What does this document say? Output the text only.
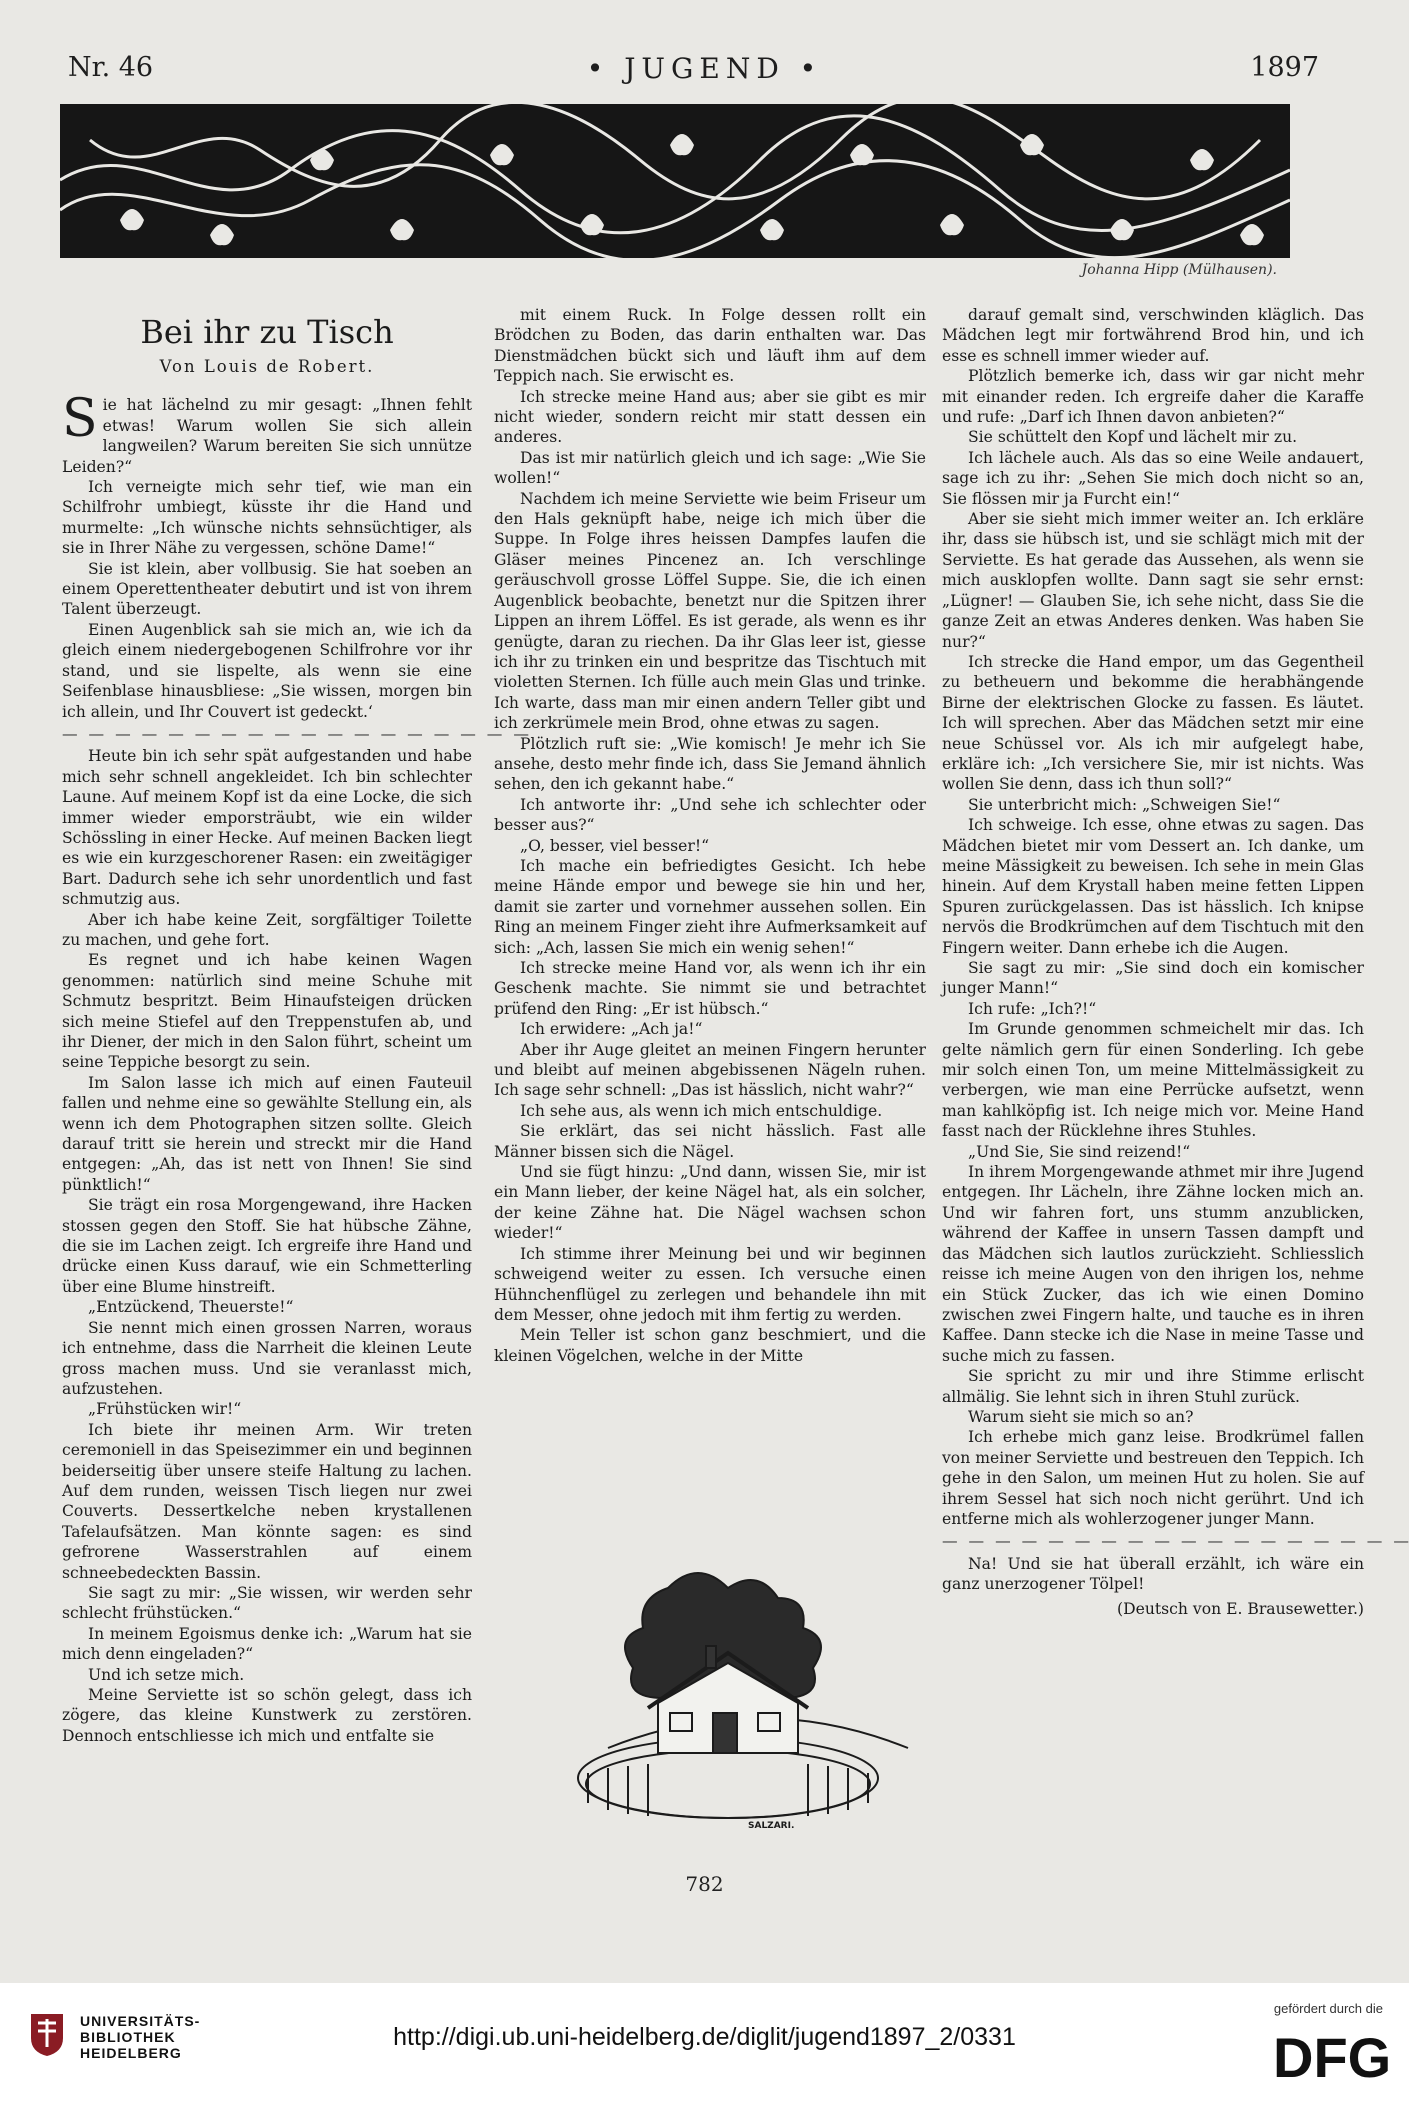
Nr. 46	• JUGEND •	1897
Johanna Hipp (Mülhausen).
Bei ihr zu Tisch
Von Louis de Robert.

Sie hat lächelnd zu mir gesagt: „Ihnen fehlt etwas! Warum wollen Sie sich allein langweilen? Warum bereiten Sie sich unnütze Leiden?“

Ich verneigte mich sehr tief, wie man ein Schilfrohr umbiegt, küsste ihr die Hand und murmelte: „Ich wünsche nichts sehnsüchtiger, als sie in Ihrer Nähe zu vergessen, schöne Dame!“

Sie ist klein, aber vollbusig. Sie hat soeben an einem Operettentheater debutirt und ist von ihrem Talent überzeugt.

Einen Augenblick sah sie mich an, wie ich da gleich einem niedergebogenen Schilfrohre vor ihr stand, und sie lispelte, als wenn sie eine Seifenblase hinausbliese: „Sie wissen, morgen bin ich allein, und Ihr Couvert ist gedeckt.‘

— — — — — — — — — — — — — — — — — —

Heute bin ich sehr spät aufgestanden und habe mich sehr schnell angekleidet. Ich bin schlechter Laune. Auf meinem Kopf ist da eine Locke, die sich immer wieder emporsträubt, wie ein wilder Schössling in einer Hecke. Auf meinen Backen liegt es wie ein kurzgeschorener Rasen: ein zweitägiger Bart. Dadurch sehe ich sehr unordentlich und fast schmutzig aus.

Aber ich habe keine Zeit, sorgfältiger Toilette zu machen, und gehe fort.

Es regnet und ich habe keinen Wagen genommen: natürlich sind meine Schuhe mit Schmutz bespritzt. Beim Hinaufsteigen drücken sich meine Stiefel auf den Treppenstufen ab, und ihr Diener, der mich in den Salon führt, scheint um seine Teppiche besorgt zu sein.

Im Salon lasse ich mich auf einen Fauteuil fallen und nehme eine so gewählte Stellung ein, als wenn ich dem Photographen sitzen sollte. Gleich darauf tritt sie herein und streckt mir die Hand entgegen: „Ah, das ist nett von Ihnen! Sie sind pünktlich!“

Sie trägt ein rosa Morgengewand, ihre Hacken stossen gegen den Stoff. Sie hat hübsche Zähne, die sie im Lachen zeigt. Ich ergreife ihre Hand und drücke einen Kuss darauf, wie ein Schmetterling über eine Blume hinstreift.

„Entzückend, Theuerste!“

Sie nennt mich einen grossen Narren, woraus ich entnehme, dass die Narrheit die kleinen Leute gross machen muss. Und sie veranlasst mich, aufzustehen.

„Frühstücken wir!“

Ich biete ihr meinen Arm. Wir treten ceremoniell in das Speisezimmer ein und beginnen beiderseitig über unsere steife Haltung zu lachen. Auf dem runden, weissen Tisch liegen nur zwei Couverts. Dessertkelche neben krystallenen Tafelaufsätzen. Man könnte sagen: es sind gefrorene Wasserstrahlen auf einem schneebedeckten Bassin.

Sie sagt zu mir: „Sie wissen, wir werden sehr schlecht frühstücken.“

In meinem Egoismus denke ich: „Warum hat sie mich denn eingeladen?“

Und ich setze mich.

Meine Serviette ist so schön gelegt, dass ich zögere, das kleine Kunstwerk zu zerstören. Dennoch entschliesse ich mich und entfalte sie

mit einem Ruck. In Folge dessen rollt ein Brödchen zu Boden, das darin enthalten war. Das Dienstmädchen bückt sich und läuft ihm auf dem Teppich nach. Sie erwischt es.

Ich strecke meine Hand aus; aber sie gibt es mir nicht wieder, sondern reicht mir statt dessen ein anderes.

Das ist mir natürlich gleich und ich sage: „Wie Sie wollen!“

Nachdem ich meine Serviette wie beim Friseur um den Hals geknüpft habe, neige ich mich über die Suppe. In Folge ihres heissen Dampfes laufen die Gläser meines Pincenez an. Ich verschlinge geräuschvoll grosse Löffel Suppe. Sie, die ich einen Augenblick beobachte, benetzt nur die Spitzen ihrer Lippen an ihrem Löffel. Es ist gerade, als wenn es ihr genügte, daran zu riechen. Da ihr Glas leer ist, giesse ich ihr zu trinken ein und bespritze das Tischtuch mit violetten Sternen. Ich fülle auch mein Glas und trinke. Ich warte, dass man mir einen andern Teller gibt und ich zerkrümele mein Brod, ohne etwas zu sagen.

Plötzlich ruft sie: „Wie komisch! Je mehr ich Sie ansehe, desto mehr finde ich, dass Sie Jemand ähnlich sehen, den ich gekannt habe.“

Ich antworte ihr: „Und sehe ich schlechter oder besser aus?“

„O, besser, viel besser!“

Ich mache ein befriedigtes Gesicht. Ich hebe meine Hände empor und bewege sie hin und her, damit sie zarter und vornehmer aussehen sollen. Ein Ring an meinem Finger zieht ihre Aufmerksamkeit auf sich: „Ach, lassen Sie mich ein wenig sehen!“

Ich strecke meine Hand vor, als wenn ich ihr ein Geschenk machte. Sie nimmt sie und betrachtet prüfend den Ring: „Er ist hübsch.“

Ich erwidere: „Ach ja!“

Aber ihr Auge gleitet an meinen Fingern herunter und bleibt auf meinen abgebissenen Nägeln ruhen. Ich sage sehr schnell: „Das ist hässlich, nicht wahr?“

Ich sehe aus, als wenn ich mich entschuldige.

Sie erklärt, das sei nicht hässlich. Fast alle Männer bissen sich die Nägel.

Und sie fügt hinzu: „Und dann, wissen Sie, mir ist ein Mann lieber, der keine Nägel hat, als ein solcher, der keine Zähne hat. Die Nägel wachsen schon wieder!“

Ich stimme ihrer Meinung bei und wir beginnen schweigend weiter zu essen. Ich versuche einen Hühnchenflügel zu zerlegen und behandele ihn mit dem Messer, ohne jedoch mit ihm fertig zu werden.

Mein Teller ist schon ganz beschmiert, und die kleinen Vögelchen, welche in der Mitte

SALZARI.

darauf gemalt sind, verschwinden kläglich. Das Mädchen legt mir fortwährend Brod hin, und ich esse es schnell immer wieder auf.

Plötzlich bemerke ich, dass wir gar nicht mehr mit einander reden. Ich ergreife daher die Karaffe und rufe: „Darf ich Ihnen davon anbieten?“

Sie schüttelt den Kopf und lächelt mir zu.

Ich lächele auch. Als das so eine Weile andauert, sage ich zu ihr: „Sehen Sie mich doch nicht so an, Sie flössen mir ja Furcht ein!“

Aber sie sieht mich immer weiter an. Ich erkläre ihr, dass sie hübsch ist, und sie schlägt mich mit der Serviette. Es hat gerade das Aussehen, als wenn sie mich ausklopfen wollte. Dann sagt sie sehr ernst: „Lügner! — Glauben Sie, ich sehe nicht, dass Sie die ganze Zeit an etwas Anderes denken. Was haben Sie nur?“

Ich strecke die Hand empor, um das Gegentheil zu betheuern und bekomme die herabhängende Birne der elektrischen Glocke zu fassen. Es läutet. Ich will sprechen. Aber das Mädchen setzt mir eine neue Schüssel vor. Als ich mir aufgelegt habe, erkläre ich: „Ich versichere Sie, mir ist nichts. Was wollen Sie denn, dass ich thun soll?“

Sie unterbricht mich: „Schweigen Sie!“

Ich schweige. Ich esse, ohne etwas zu sagen. Das Mädchen bietet mir vom Dessert an. Ich danke, um meine Mässigkeit zu beweisen. Ich sehe in mein Glas hinein. Auf dem Krystall haben meine fetten Lippen Spuren zurückgelassen. Das ist hässlich. Ich knipse nervös die Brodkrümchen auf dem Tischtuch mit den Fingern weiter. Dann erhebe ich die Augen.

Sie sagt zu mir: „Sie sind doch ein komischer junger Mann!“

Ich rufe: „Ich?!“

Im Grunde genommen schmeichelt mir das. Ich gelte nämlich gern für einen Sonderling. Ich gebe mir solch einen Ton, um meine Mittelmässigkeit zu verbergen, wie man eine Perrücke aufsetzt, wenn man kahlköpfig ist. Ich neige mich vor. Meine Hand fasst nach der Rücklehne ihres Stuhles.

„Und Sie, Sie sind reizend!“

In ihrem Morgengewande athmet mir ihre Jugend entgegen. Ihr Lächeln, ihre Zähne locken mich an. Und wir fahren fort, uns stumm anzublicken, während der Kaffee in unsern Tassen dampft und das Mädchen sich lautlos zurückzieht. Schliesslich reisse ich meine Augen von den ihrigen los, nehme ein Stück Zucker, das ich wie einen Domino zwischen zwei Fingern halte, und tauche es in ihren Kaffee. Dann stecke ich die Nase in meine Tasse und suche mich zu fassen.

Sie spricht zu mir und ihre Stimme erlischt allmälig. Sie lehnt sich in ihren Stuhl zurück.

Warum sieht sie mich so an?

Ich erhebe mich ganz leise. Brodkrümel fallen von meiner Serviette und bestreuen den Teppich. Ich gehe in den Salon, um meinen Hut zu holen. Sie auf ihrem Sessel hat sich noch nicht gerührt. Und ich entferne mich als wohlerzogener junger Mann.

— — — — — — — — — — — — — — — — — —

Na! Und sie hat überall erzählt, ich wäre ein ganz unerzogener Tölpel!

(Deutsch von E. Brausewetter.)
782
UNIVERSITÄTS-
BIBLIOTHEK
HEIDELBERG
http://digi.ub.uni-heidelberg.de/diglit/jugend1897_2/0331
gefördert durch die
DFG
